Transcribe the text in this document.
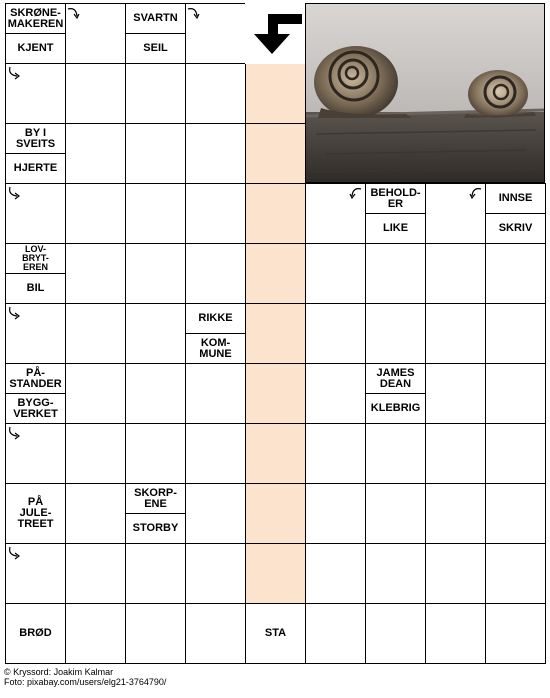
SKRØNE-
MAKEREN
KJENT
SVARTN
SEIL
BY I
SVEITS
HJERTE
BEHOLD-
ER
LIKE
INNSE
SKRIV
LOV-
BRYT-
EREN
BIL
RIKKE
KOM-
MUNE
PÅ-
STANDER
BYGG-
VERKET
JAMES
DEAN
KLEBRIG
PÅ
JULE-
TREET
SKORP-
ENE
STORBY
BRØD	STA
© Kryssord: Joakim Kalmar
Foto: pixabay.com/users/elg21-3764790/
